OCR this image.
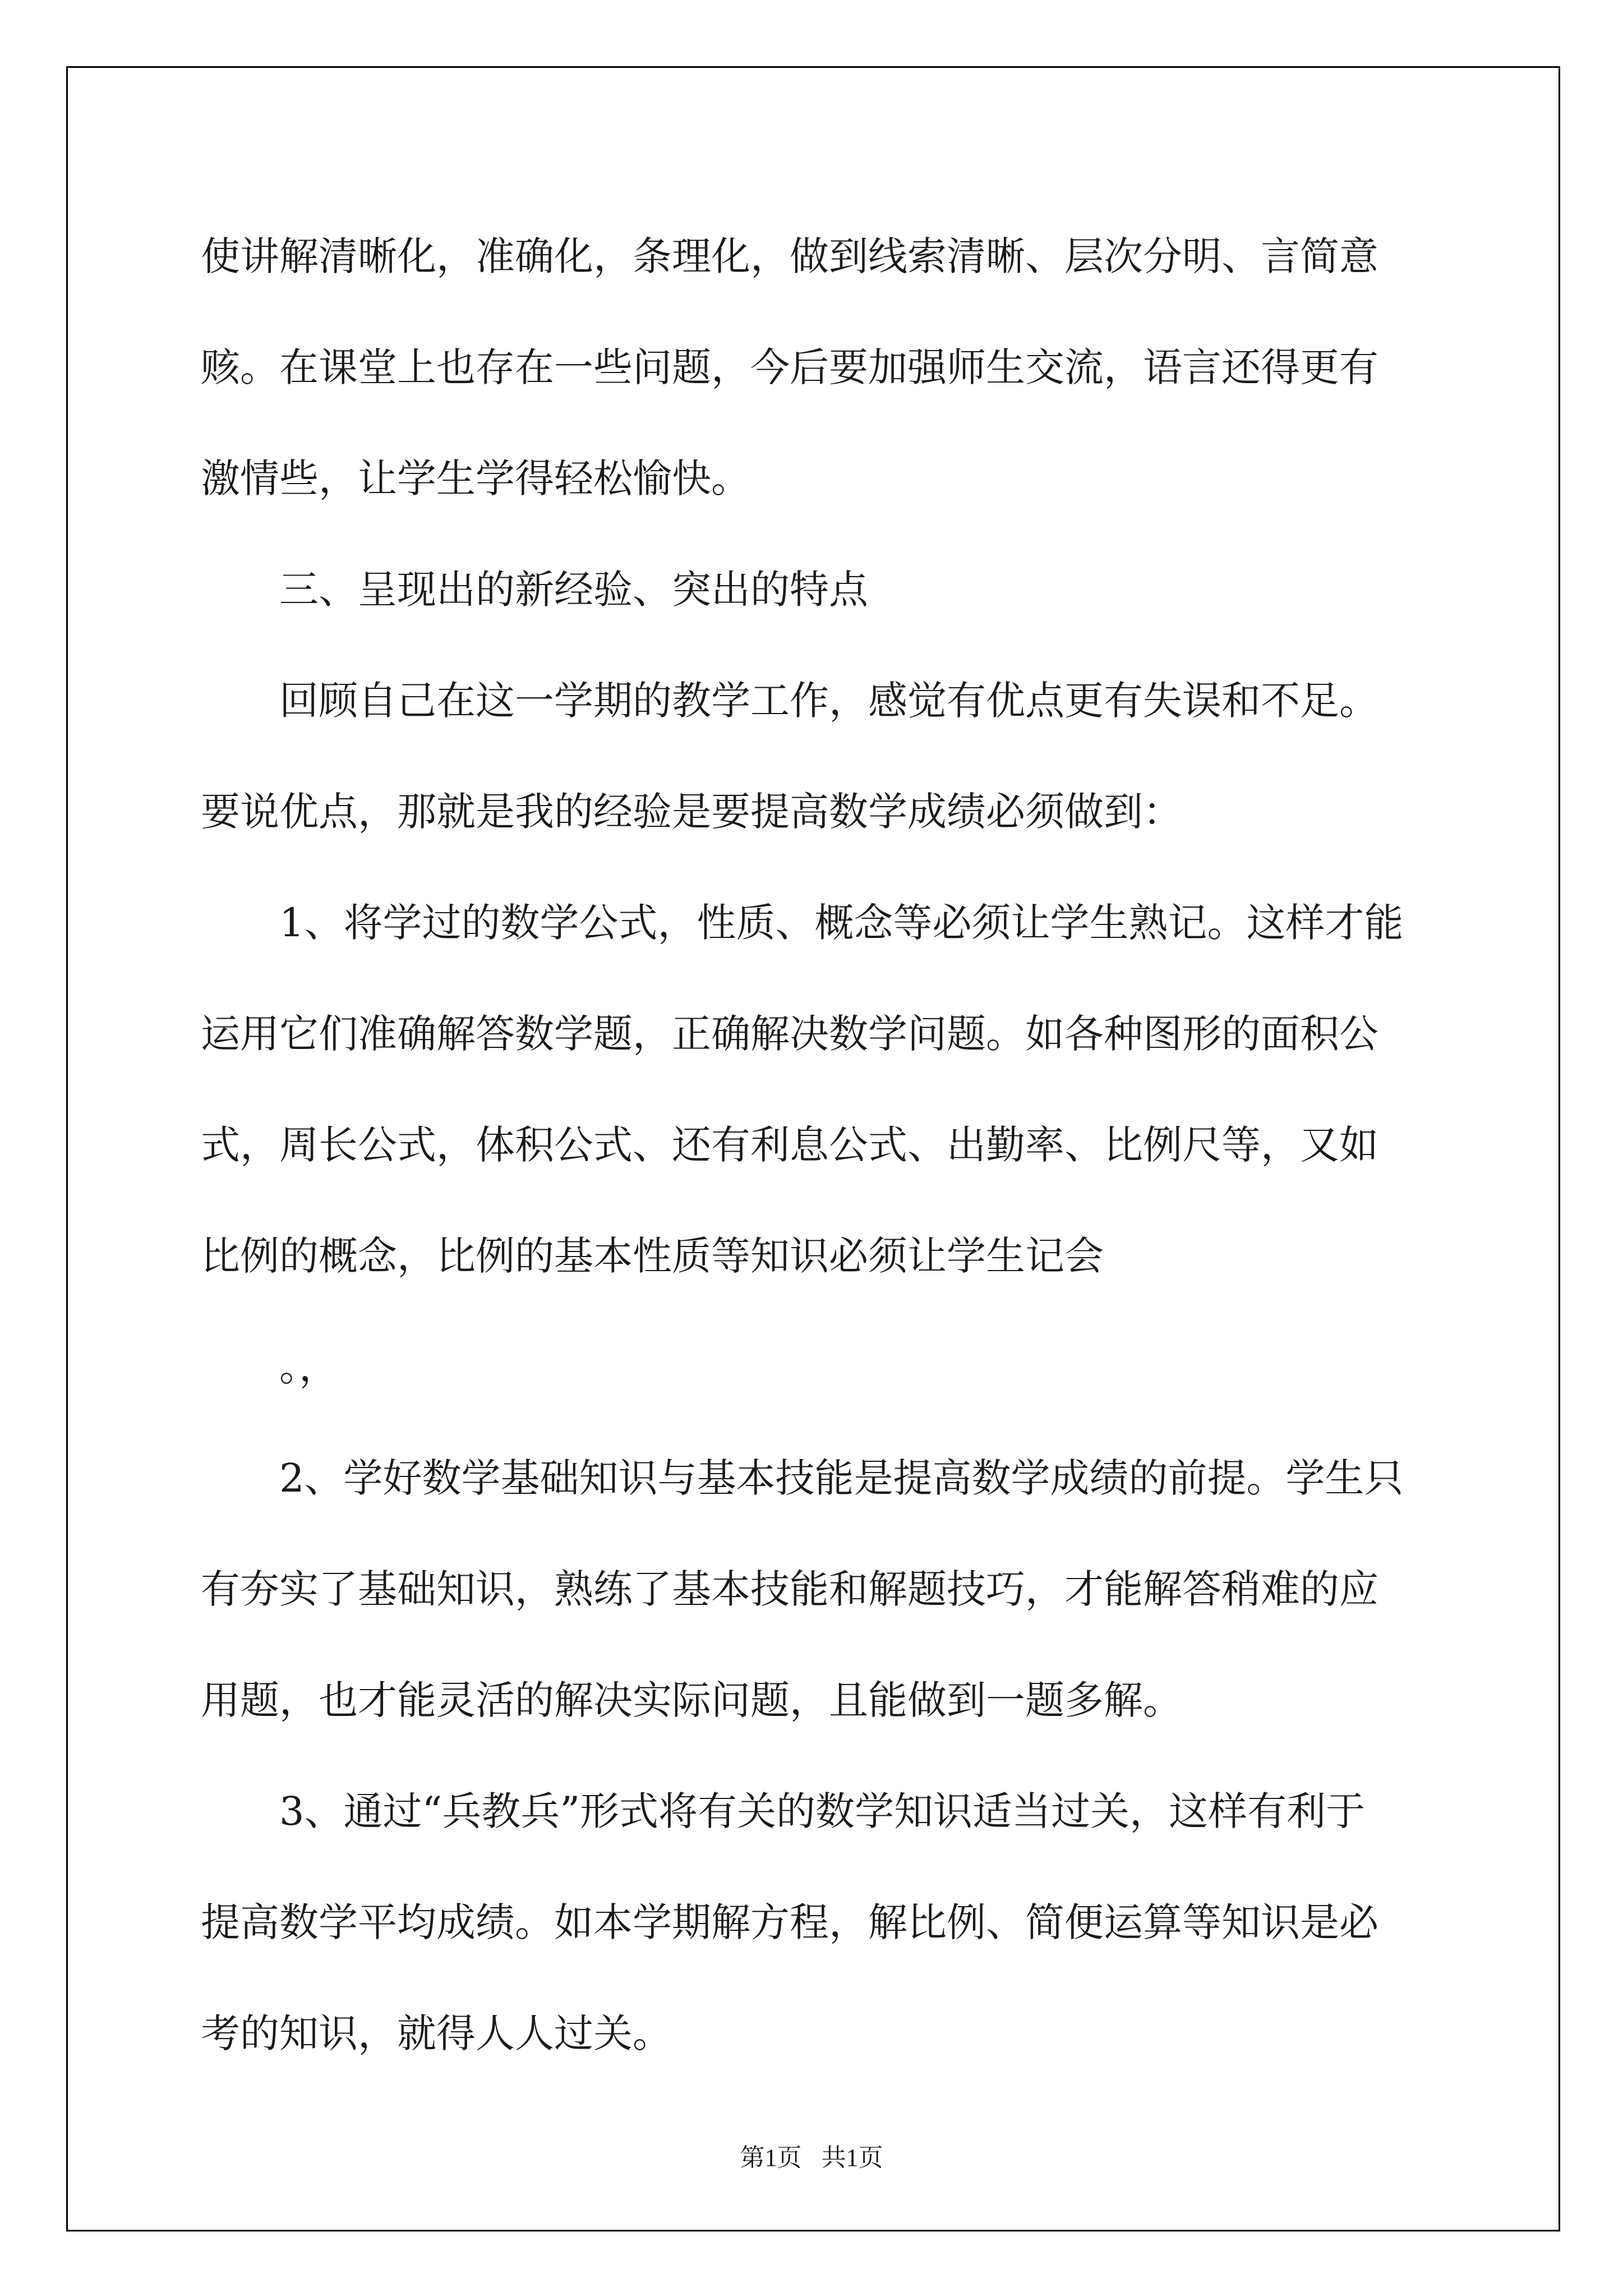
使讲解清晰化，准确化，条理化，做到线索清晰、层次分明、言简意
赅。在课堂上也存在一些问题，今后要加强师生交流，语言还得更有
激情些，让学生学得轻松愉快。
三、呈现出的新经验、突出的特点
回顾自己在这一学期的教学工作，感觉有优点更有失误和不足。
要说优点，那就是我的经验是要提高数学成绩必须做到：
1、将学过的数学公式，性质、概念等必须让学生熟记。这样才能
运用它们准确解答数学题，正确解决数学问题。如各种图形的面积公
式，周长公式，体积公式、还有利息公式、出勤率、比例尺等，又如
比例的概念，比例的基本性质等知识必须让学生记会
。，
2、学好数学基础知识与基本技能是提高数学成绩的前提。学生只
有夯实了基础知识，熟练了基本技能和解题技巧，才能解答稍难的应
用题，也才能灵活的解决实际问题，且能做到一题多解。
3、通过“兵教兵”形式将有关的数学知识适当过关，这样有利于
提高数学平均成绩。如本学期解方程，解比例、简便运算等知识是必
考的知识，就得人人过关。
第1页 共1页
